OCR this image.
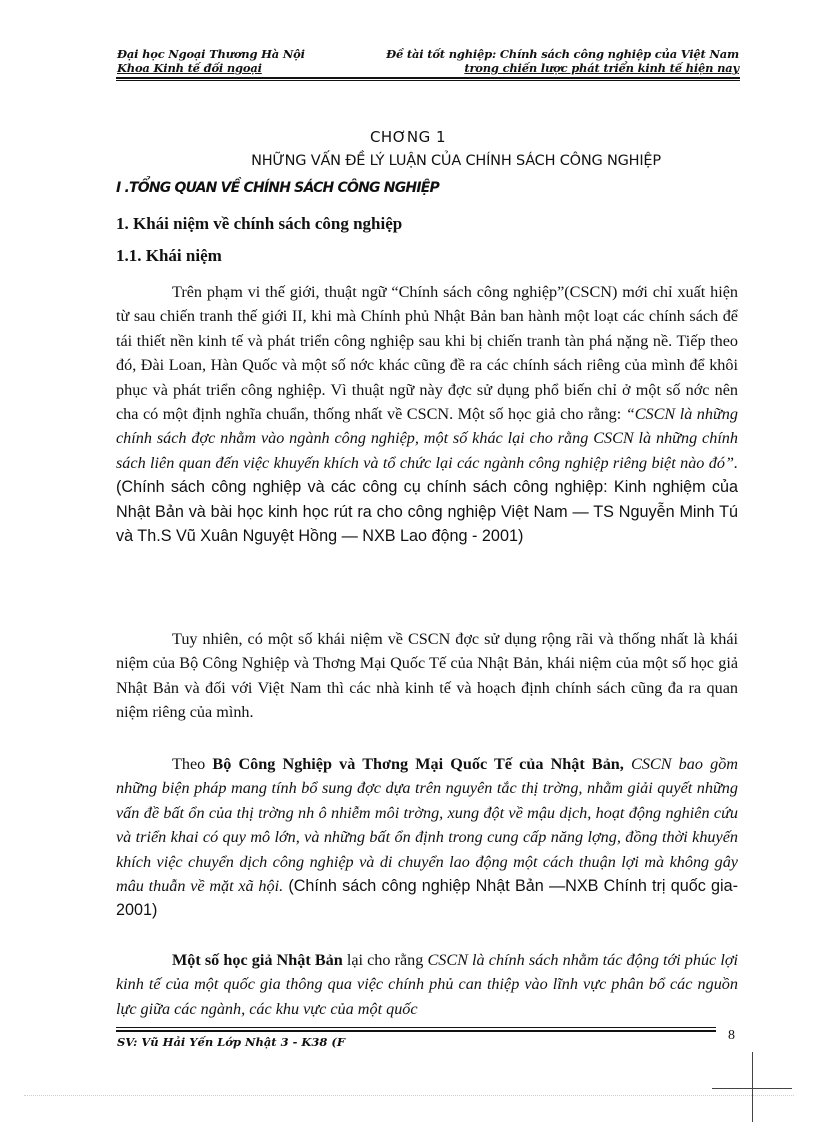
Đại học Ngoại Thương Hà Nội
Khoa Kinh tế đối ngoại
Đề tài tốt nghiệp: Chính sách công nghiệp của Việt Nam
trong chiến lược phát triển kinh tế hiện nay
CHƠNG 1
NHỮNG VẤN ĐỀ LÝ LUẬN CỦA CHÍNH SÁCH CÔNG NGHIỆP
I .TỔNG QUAN VỀ CHÍNH SÁCH CÔNG NGHIỆP
1. Khái niệm về chính sách công nghiệp
1.1. Khái niệm

Trên phạm vi thế giới, thuật ngữ “Chính sách công nghiệp”(CSCN) mới chỉ xuất hiện từ sau chiến tranh thế giới II, khi mà Chính phủ Nhật Bản ban hành một loạt các chính sách để tái thiết nền kinh tế và phát triển công nghiệp sau khi bị chiến tranh tàn phá nặng nề. Tiếp theo đó, Đài Loan, Hàn Quốc và một số nớc khác cũng đề ra các chính sách riêng của mình để khôi phục và phát triển công nghiệp. Vì thuật ngữ này đợc sử dụng phổ biến chỉ ở một số nớc nên cha có một định nghĩa chuẩn, thống nhất về CSCN. Một số học giả cho rằng: “CSCN là những chính sách đợc nhằm vào ngành công nghiệp, một số khác lại cho rằng CSCN là những chính sách liên quan đến việc khuyến khích và tổ chức lại các ngành công nghiệp riêng biệt nào đó”.(Chính sách công nghiệp và các công cụ chính sách công nghiệp: Kinh nghiệm của Nhật Bản và bài học kinh học rút ra cho công nghiệp Việt Nam — TS Nguyễn Minh Tú và Th.S Vũ Xuân Nguyệt Hồng — NXB Lao động - 2001)

Tuy nhiên, có một số khái niệm về CSCN đợc sử dụng rộng rãi và thống nhất là khái niệm của Bộ Công Nghiệp và Thơng Mại Quốc Tế của Nhật Bản, khái niệm của một số học giả Nhật Bản và đối với Việt Nam thì các nhà kinh tế và hoạch định chính sách cũng đa ra quan niệm riêng của mình.

Theo Bộ Công Nghiệp và Thơng Mại Quốc Tế của Nhật Bản, CSCN bao gồm những biện pháp mang tính bổ sung đợc dựa trên nguyên tắc thị trờng, nhằm giải quyết những vấn đề bất ổn của thị trờng nh ô nhiễm môi trờng, xung đột về mậu dịch, hoạt động nghiên cứu và triển khai có quy mô lớn, và những bất ổn định trong cung cấp năng lợng, đồng thời khuyến khích việc chuyển dịch công nghiệp và di chuyển lao động một cách thuận lợi mà không gây mâu thuẫn về mặt xã hội. (Chính sách công nghiệp Nhật Bản —NXB Chính trị quốc gia- 2001)

Một số học giả Nhật Bản lại cho rằng CSCN là chính sách nhằm tác động tới phúc lợi kinh tế của một quốc gia thông qua việc chính phủ can thiệp vào lĩnh vực phân bổ các nguồn lực giữa các ngành, các khu vực của một quốc

SV: Vũ Hải Yến Lớp Nhật 3 - K38 (F	8
